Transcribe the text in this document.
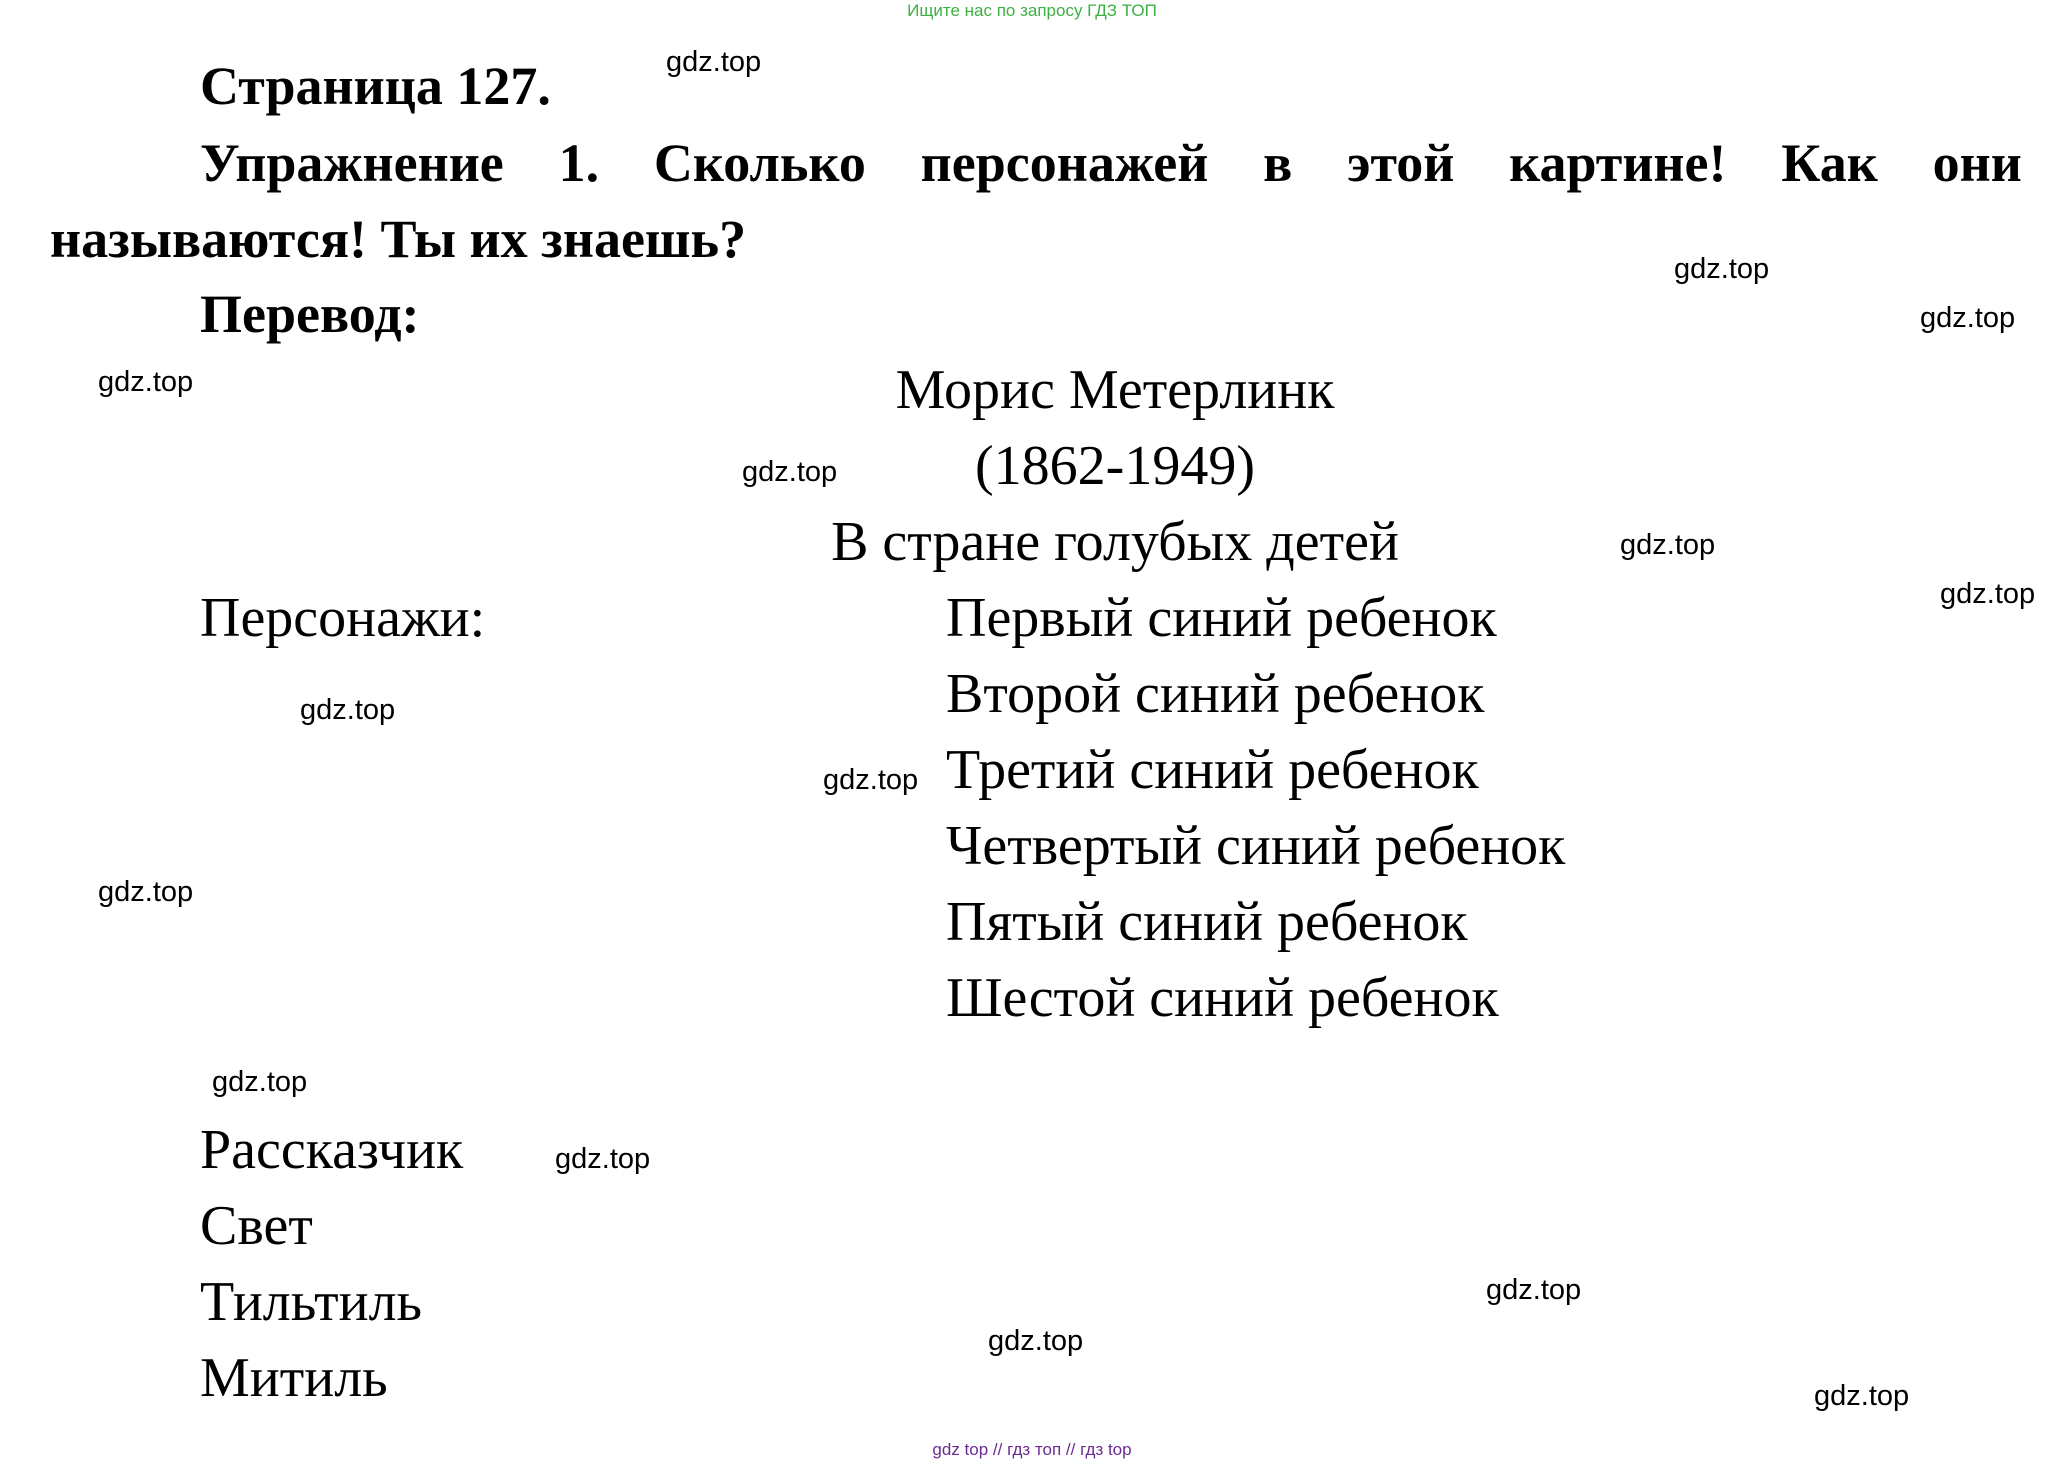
Ищите нас по запросу ГДЗ ТОП
Страница 127.
Упражнение 1. Сколько персонажей в этой картине! Как они
называются! Ты их знаешь?
Перевод:
Морис Метерлинк
(1862-1949)
В стране голубых детей
Персонажи:	Первый синий ребенок
Второй синий ребенок
Третий синий ребенок
Четвертый синий ребенок
Пятый синий ребенок
Шестой синий ребенок
Рассказчик
Свет
Тильтиль
Митиль
gdz.top
gdz.top
gdz.top
gdz.top
gdz.top
gdz.top
gdz.top
gdz.top
gdz.top
gdz.top
gdz.top
gdz.top
gdz.top
gdz.top
gdz.top
gdz top // гдз топ // гдз top
